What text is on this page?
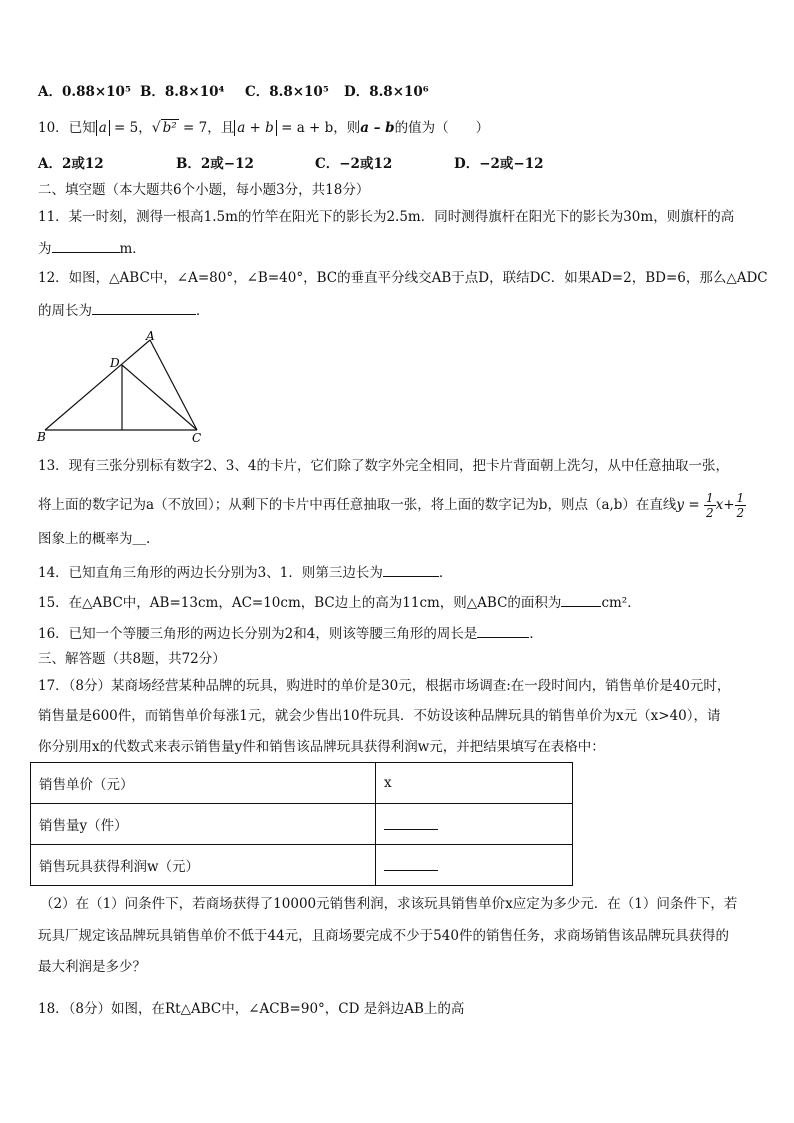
A．0.88×10⁵ B．8.8×10⁴ C．8.8×10⁵ D．8.8×10⁶
10．已知 a = 5，√ b² = 7，且 a + b = a + b，则a – b的值为（　　）
A．2或12	B．2或−12	C．−2或12	D．−2或−12
二、填空题（本大题共6个小题，每小题3分，共18分）
11．某一时刻，测得一根高1.5m的竹竿在阳光下的影长为2.5m．同时测得旗杆在阳光下的影长为30m，则旗杆的高
为	m．
12．如图，△ABC中，∠A=80°，∠B=40°，BC的垂直平分线交AB于点D，联结DC．如果AD=2，BD=6，那么△ADC
的周长为	．
A
D
B	C
13．现有三张分别标有数字2、3、4的卡片，它们除了数字外完全相同，把卡片背面朝上洗匀，从中任意抽取一张，
将上面的数字记为a（不放回）；从剩下的卡片中再任意抽取一张，将上面的数字记为b，则点（a,b）在直线$y = \frac{1}{2} x+ \frac{1}{2}$
图象上的概率为＿.
14．已知直角三角形的两边长分别为3、1．则第三边长为	．
15．在△ABC中，AB=13cm，AC=10cm，BC边上的高为11cm，则△ABC的面积为	cm²．
16．已知一个等腰三角形的两边长分别为2和4，则该等腰三角形的周长是	．
三、解答题（共8题，共72分）
17．（8分）某商场经营某种品牌的玩具，购进时的单价是30元，根据市场调查:在一段时间内，销售单价是40元时，
销售量是600件，而销售单价每涨1元，就会少售出10件玩具．不妨设该种品牌玩具的销售单价为x元（x>40），请
你分别用x的代数式来表示销售量y件和销售该品牌玩具获得利润w元，并把结果填写在表格中：
销售单价（元）	x
销售量y（件）	
销售玩具获得利润w（元）	
（2）在（1）问条件下，若商场获得了10000元销售利润，求该玩具销售单价x应定为多少元．在（1）问条件下，若
玩具厂规定该品牌玩具销售单价不低于44元，且商场要完成不少于540件的销售任务，求商场销售该品牌玩具获得的
最大利润是多少？
18．（8分）如图，在Rt△ABC中，∠ACB=90°，CD 是斜边AB上的高
